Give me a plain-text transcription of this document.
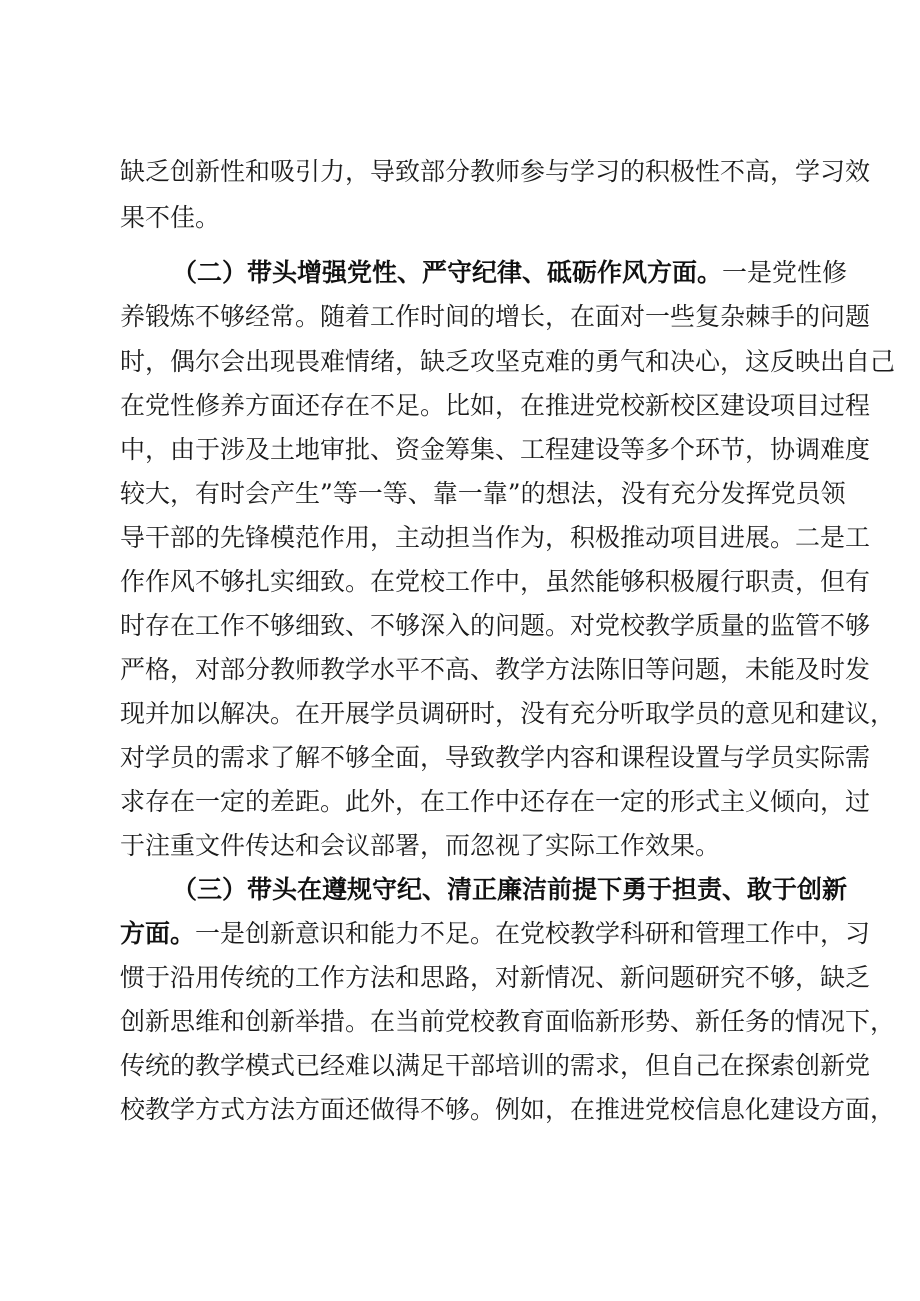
缺乏创新性和吸引力，导致部分教师参与学习的积极性不高，学习效
果不佳。
（二）带头增强党性、严守纪律、砥砺作风方面。一是党性修
养锻炼不够经常。随着工作时间的增长，在面对一些复杂棘手的问题
时，偶尔会出现畏难情绪，缺乏攻坚克难的勇气和决心，这反映出自己
在党性修养方面还存在不足。比如，在推进党校新校区建设项目过程
中，由于涉及土地审批、资金筹集、工程建设等多个环节，协调难度
较大，有时会产生”等一等、靠一靠”的想法，没有充分发挥党员领
导干部的先锋模范作用，主动担当作为，积极推动项目进展。二是工
作作风不够扎实细致。在党校工作中，虽然能够积极履行职责，但有
时存在工作不够细致、不够深入的问题。对党校教学质量的监管不够
严格，对部分教师教学水平不高、教学方法陈旧等问题，未能及时发
现并加以解决。在开展学员调研时，没有充分听取学员的意见和建议，
对学员的需求了解不够全面，导致教学内容和课程设置与学员实际需
求存在一定的差距。此外，在工作中还存在一定的形式主义倾向，过
于注重文件传达和会议部署，而忽视了实际工作效果。
（三）带头在遵规守纪、清正廉洁前提下勇于担责、敢于创新
方面。一是创新意识和能力不足。在党校教学科研和管理工作中，习
惯于沿用传统的工作方法和思路，对新情况、新问题研究不够，缺乏
创新思维和创新举措。在当前党校教育面临新形势、新任务的情况下，
传统的教学模式已经难以满足干部培训的需求，但自己在探索创新党
校教学方式方法方面还做得不够。例如，在推进党校信息化建设方面，
